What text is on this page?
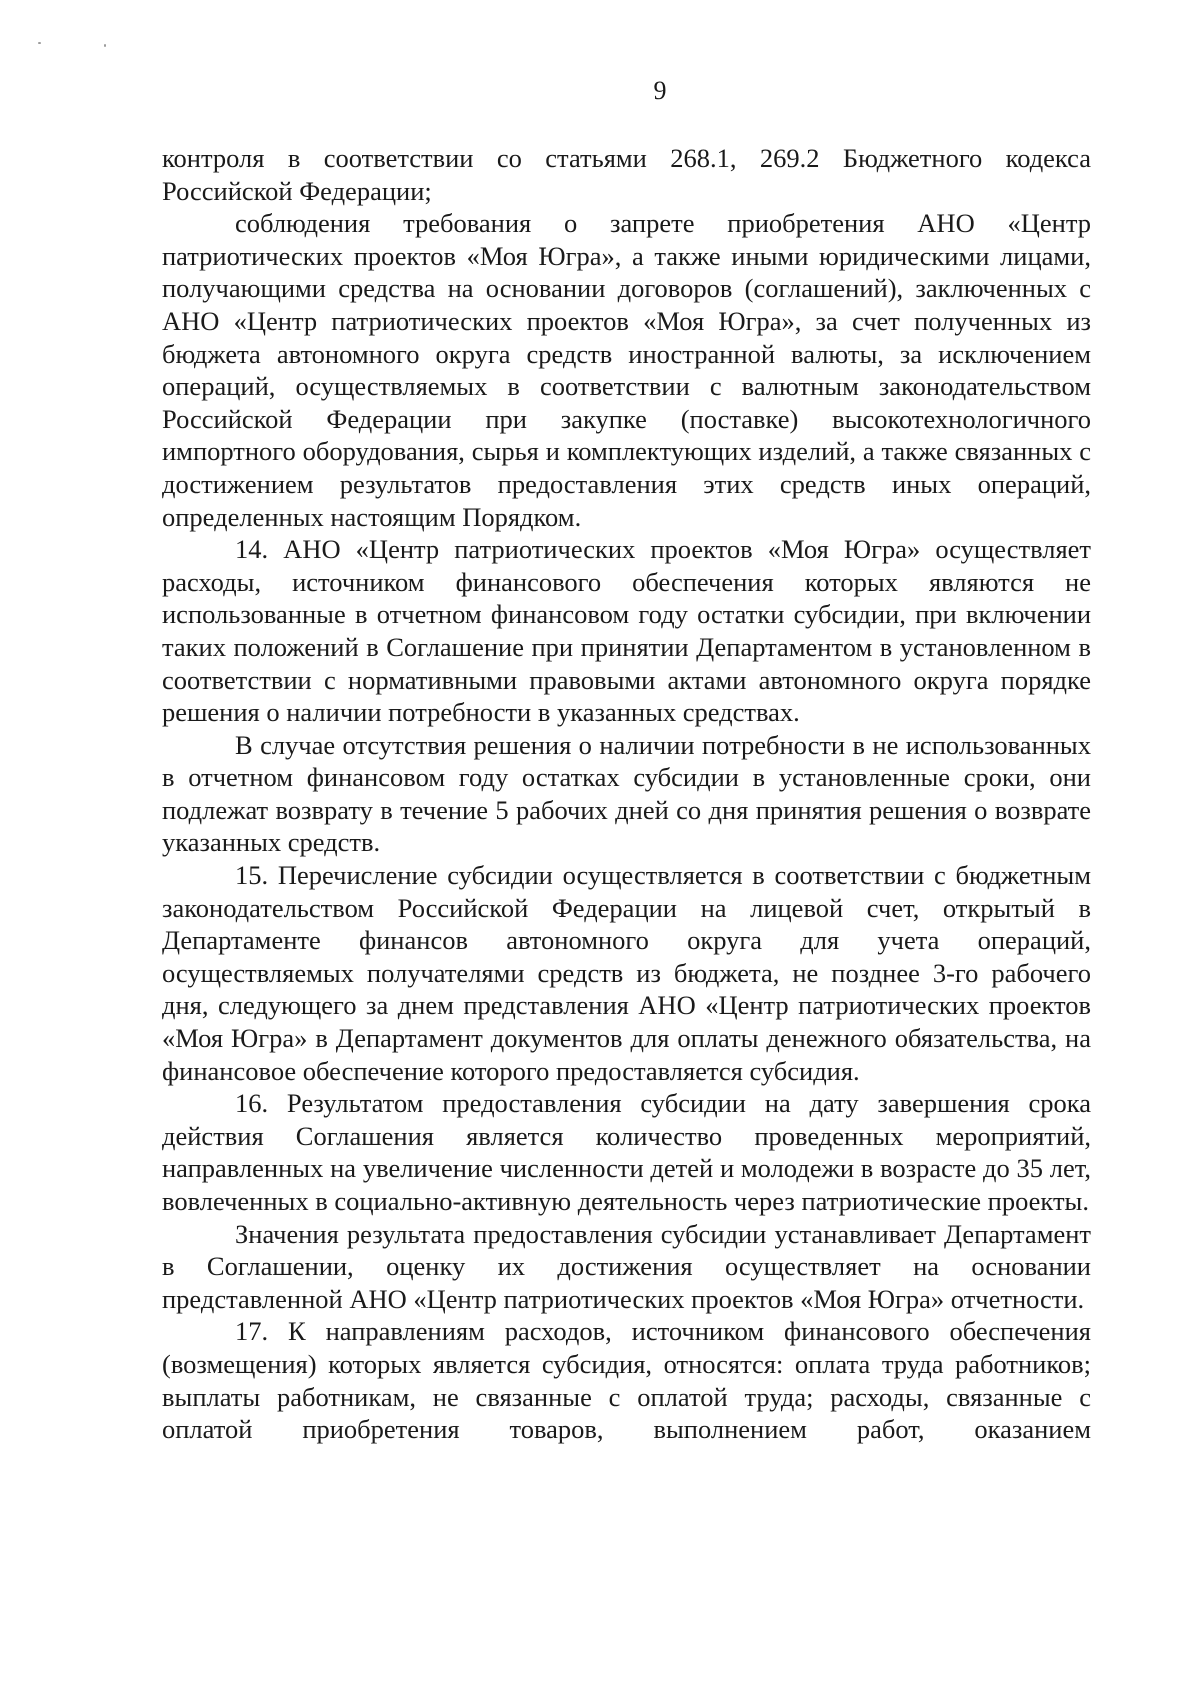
9

контроля в соответствии со статьями 268.1, 269.2 Бюджетного кодекса Российской Федерации;

соблюдения требования о запрете приобретения АНО «Центр патриотических проектов «Моя Югра», а также иными юридическими лицами, получающими средства на основании договоров (соглашений), заключенных с АНО «Центр патриотических проектов «Моя Югра», за счет полученных из бюджета автономного округа средств иностранной валюты, за исключением операций, осуществляемых в соответствии с валютным законодательством Российской Федерации при закупке (поставке) высокотехнологичного импортного оборудования, сырья и комплектующих изделий, а также связанных с достижением результатов предоставления этих средств иных операций, определенных настоящим Порядком.

14. АНО «Центр патриотических проектов «Моя Югра» осуществляет расходы, источником финансового обеспечения которых являются не использованные в отчетном финансовом году остатки субсидии, при включении таких положений в Соглашение при принятии Департаментом в установленном в соответствии с нормативными правовыми актами автономного округа порядке решения о наличии потребности в указанных средствах.

В случае отсутствия решения о наличии потребности в не использованных в отчетном финансовом году остатках субсидии в установленные сроки, они подлежат возврату в течение 5 рабочих дней со дня принятия решения о возврате указанных средств.

15. Перечисление субсидии осуществляется в соответствии с бюджетным законодательством Российской Федерации на лицевой счет, открытый в Департаменте финансов автономного округа для учета операций, осуществляемых получателями средств из бюджета, не позднее 3-го рабочего дня, следующего за днем представления АНО «Центр патриотических проектов «Моя Югра» в Департамент документов для оплаты денежного обязательства, на финансовое обеспечение которого предоставляется субсидия.

16. Результатом предоставления субсидии на дату завершения срока действия Соглашения является количество проведенных мероприятий, направленных на увеличение численности детей и молодежи в возрасте до 35 лет, вовлеченных в социально-активную деятельность через патриотические проекты.

Значения результата предоставления субсидии устанавливает Департамент в Соглашении, оценку их достижения осуществляет на основании представленной АНО «Центр патриотических проектов «Моя Югра» отчетности.

17. К направлениям расходов, источником финансового обеспечения (возмещения) которых является субсидия, относятся: оплата труда работников; выплаты работникам, не связанные с оплатой труда; расходы, связанные с оплатой приобретения товаров, выполнением работ, оказанием
